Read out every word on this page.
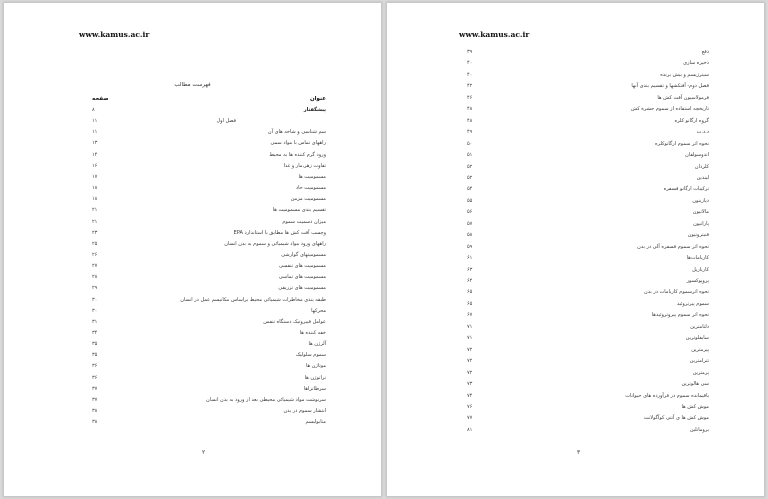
www.kamus.ac.ir
فهرست مطالب
عنوان
صفحه
پیشگفتار
۸
فصل اول
۱۱
سم شناسی و شاخه های آن
۱۱
راههای تماس با مواد سمی
۱۳
ورود گرم کننده ها به محیط
۱۴
تفاوت زهر،مار و غذا
۱۶
مسمومیت ها
۱۷
مسمومیت حاد
۱۸
مسمومیت مزمن
۱۸
تقسیم بندی مسمومیت ها
۲۱
میزان دسمیت سموم
۲۱
وچسب آفت کش ها مطابق با استاندارد EPA
۲۳
راههای ورود مواد شیمیائی و سموم به بدن انسان
۲۵
مسمومیتهای گوارشی
۲۶
مسمومیت های تنفسی
۲۷
مسمومیت های تماسی
۲۸
مسمومیت های تزریقی
۲۹
طبقه بندی مخاطرات شیمیائی محیط براساس مکانیسم عمل در انسان
۳۰
محرکها
۳۰
عوامل فیبروتیک دستگاه تنفس
۳۱
خفه کننده ها
۳۴
آلرژن ها
۳۵
سموم سلولیک
۳۵
موتاژن ها
۳۶
تراتوژن ها
۳۶
سرطانزاها
۳۷
سرنوشت مواد شیمیائی محیطی بعد از ورود به بدن انسان
۳۷
انتشار سموم در بدن
۳۸
متابولیسم
۳۸
۲
www.kamus.ac.ir
دفع
۳۹
ذخیره سازی
۴۰
سینرژیسم و بیش برنده
۴۰
فصل دوم- آفتکشها و تقسیم بندی آنها
۴۲
فرمولاسیون آفت کش ها
۴۶
تاریخچه استفاده از سموم حشره کش
۴۸
گروه ارگانو کلره
۴۸
د.د.ت
۴۹
نحوه اثر سموم ارگانوکلره
۵۰
اندوسولفان
۵۱
کلردان
۵۲
لیندین
۵۲
ترکیبات ارگانو فسفره
۵۴
دیازینون
۵۵
مالاتیون
۵۶
پاراتیون
۵۷
فنیتروتیون
۵۸
نحوه اثر سموم فسفره آلی در بدن
۵۹
کاربامات‌ها
۶۱
کارباریل
۶۳
پروپوکسور
۶۴
نحوه اثرسموم کاربامات در بدن
۶۵
سموم پیرتروئید
۶۵
نحوه اثر سموم پیروتروئیدها
۶۷
دلتامترین
۷۱
سایفلوترین
۷۱
پیرمترین
۷۲
تترامترین
۷۲
پرمترین
۷۲
سی هالوترین
۷۳
باقیمانده سموم در فرآورده های حیوانات
۷۴
موش کش ها
۷۶
موش کش ها ی آنتی کوآگولانت
۷۷
بروماتلین
۸۱
۳
